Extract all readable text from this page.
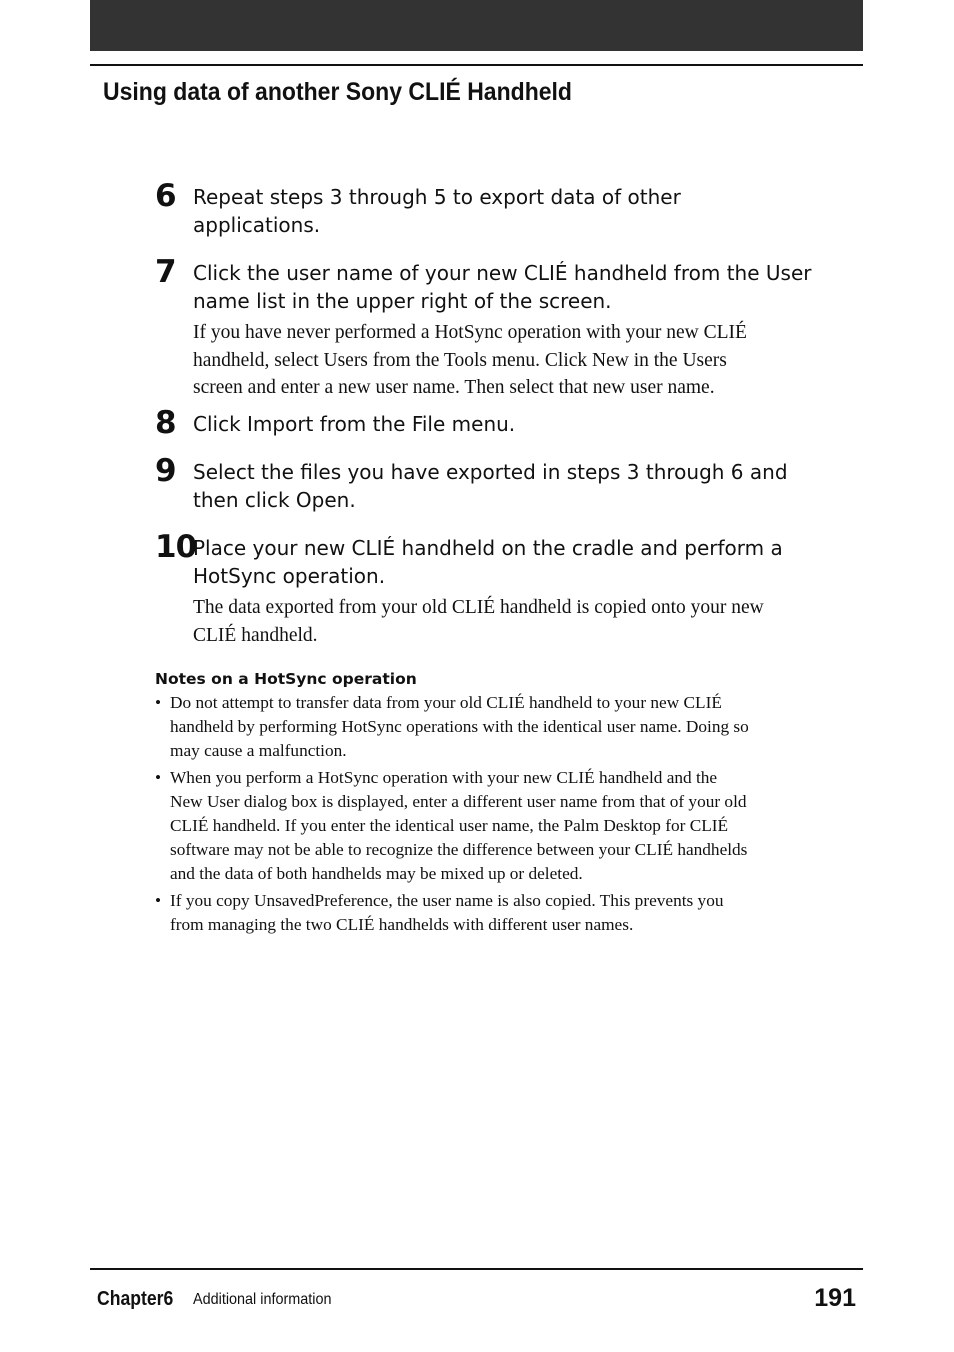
Using data of another Sony CLIÉ Handheld
6 Repeat steps 3 through 5 to export data of other
applications.

7 Click the user name of your new CLIÉ handheld from the User
name list in the upper right of the screen.

If you have never performed a HotSync operation with your new CLIÉ
handheld, select Users from the Tools menu. Click New in the Users
screen and enter a new user name. Then select that new user name.

8 Click Import from the File menu.

9 Select the files you have exported in steps 3 through 6 and
then click Open.

10

Place your new CLIÉ handheld on the cradle and perform a
HotSync operation.

The data exported from your old CLIÉ handheld is copied onto your new
CLIÉ handheld.

Notes on a HotSync operation

• Do not attempt to transfer data from your old CLIÉ handheld to your new CLIÉ
handheld by performing HotSync operations with the identical user name. Doing so
may cause a malfunction.
• When you perform a HotSync operation with your new CLIÉ handheld and the
New User dialog box is displayed, enter a different user name from that of your old
CLIÉ handheld. If you enter the identical user name, the Palm Desktop for CLIÉ
software may not be able to recognize the difference between your CLIÉ handhelds
and the data of both handhelds may be mixed up or deleted.
• If you copy UnsavedPreference, the user name is also copied. This prevents you
from managing the two CLIÉ handhelds with different user names.
Chapter6 Additional information	191
